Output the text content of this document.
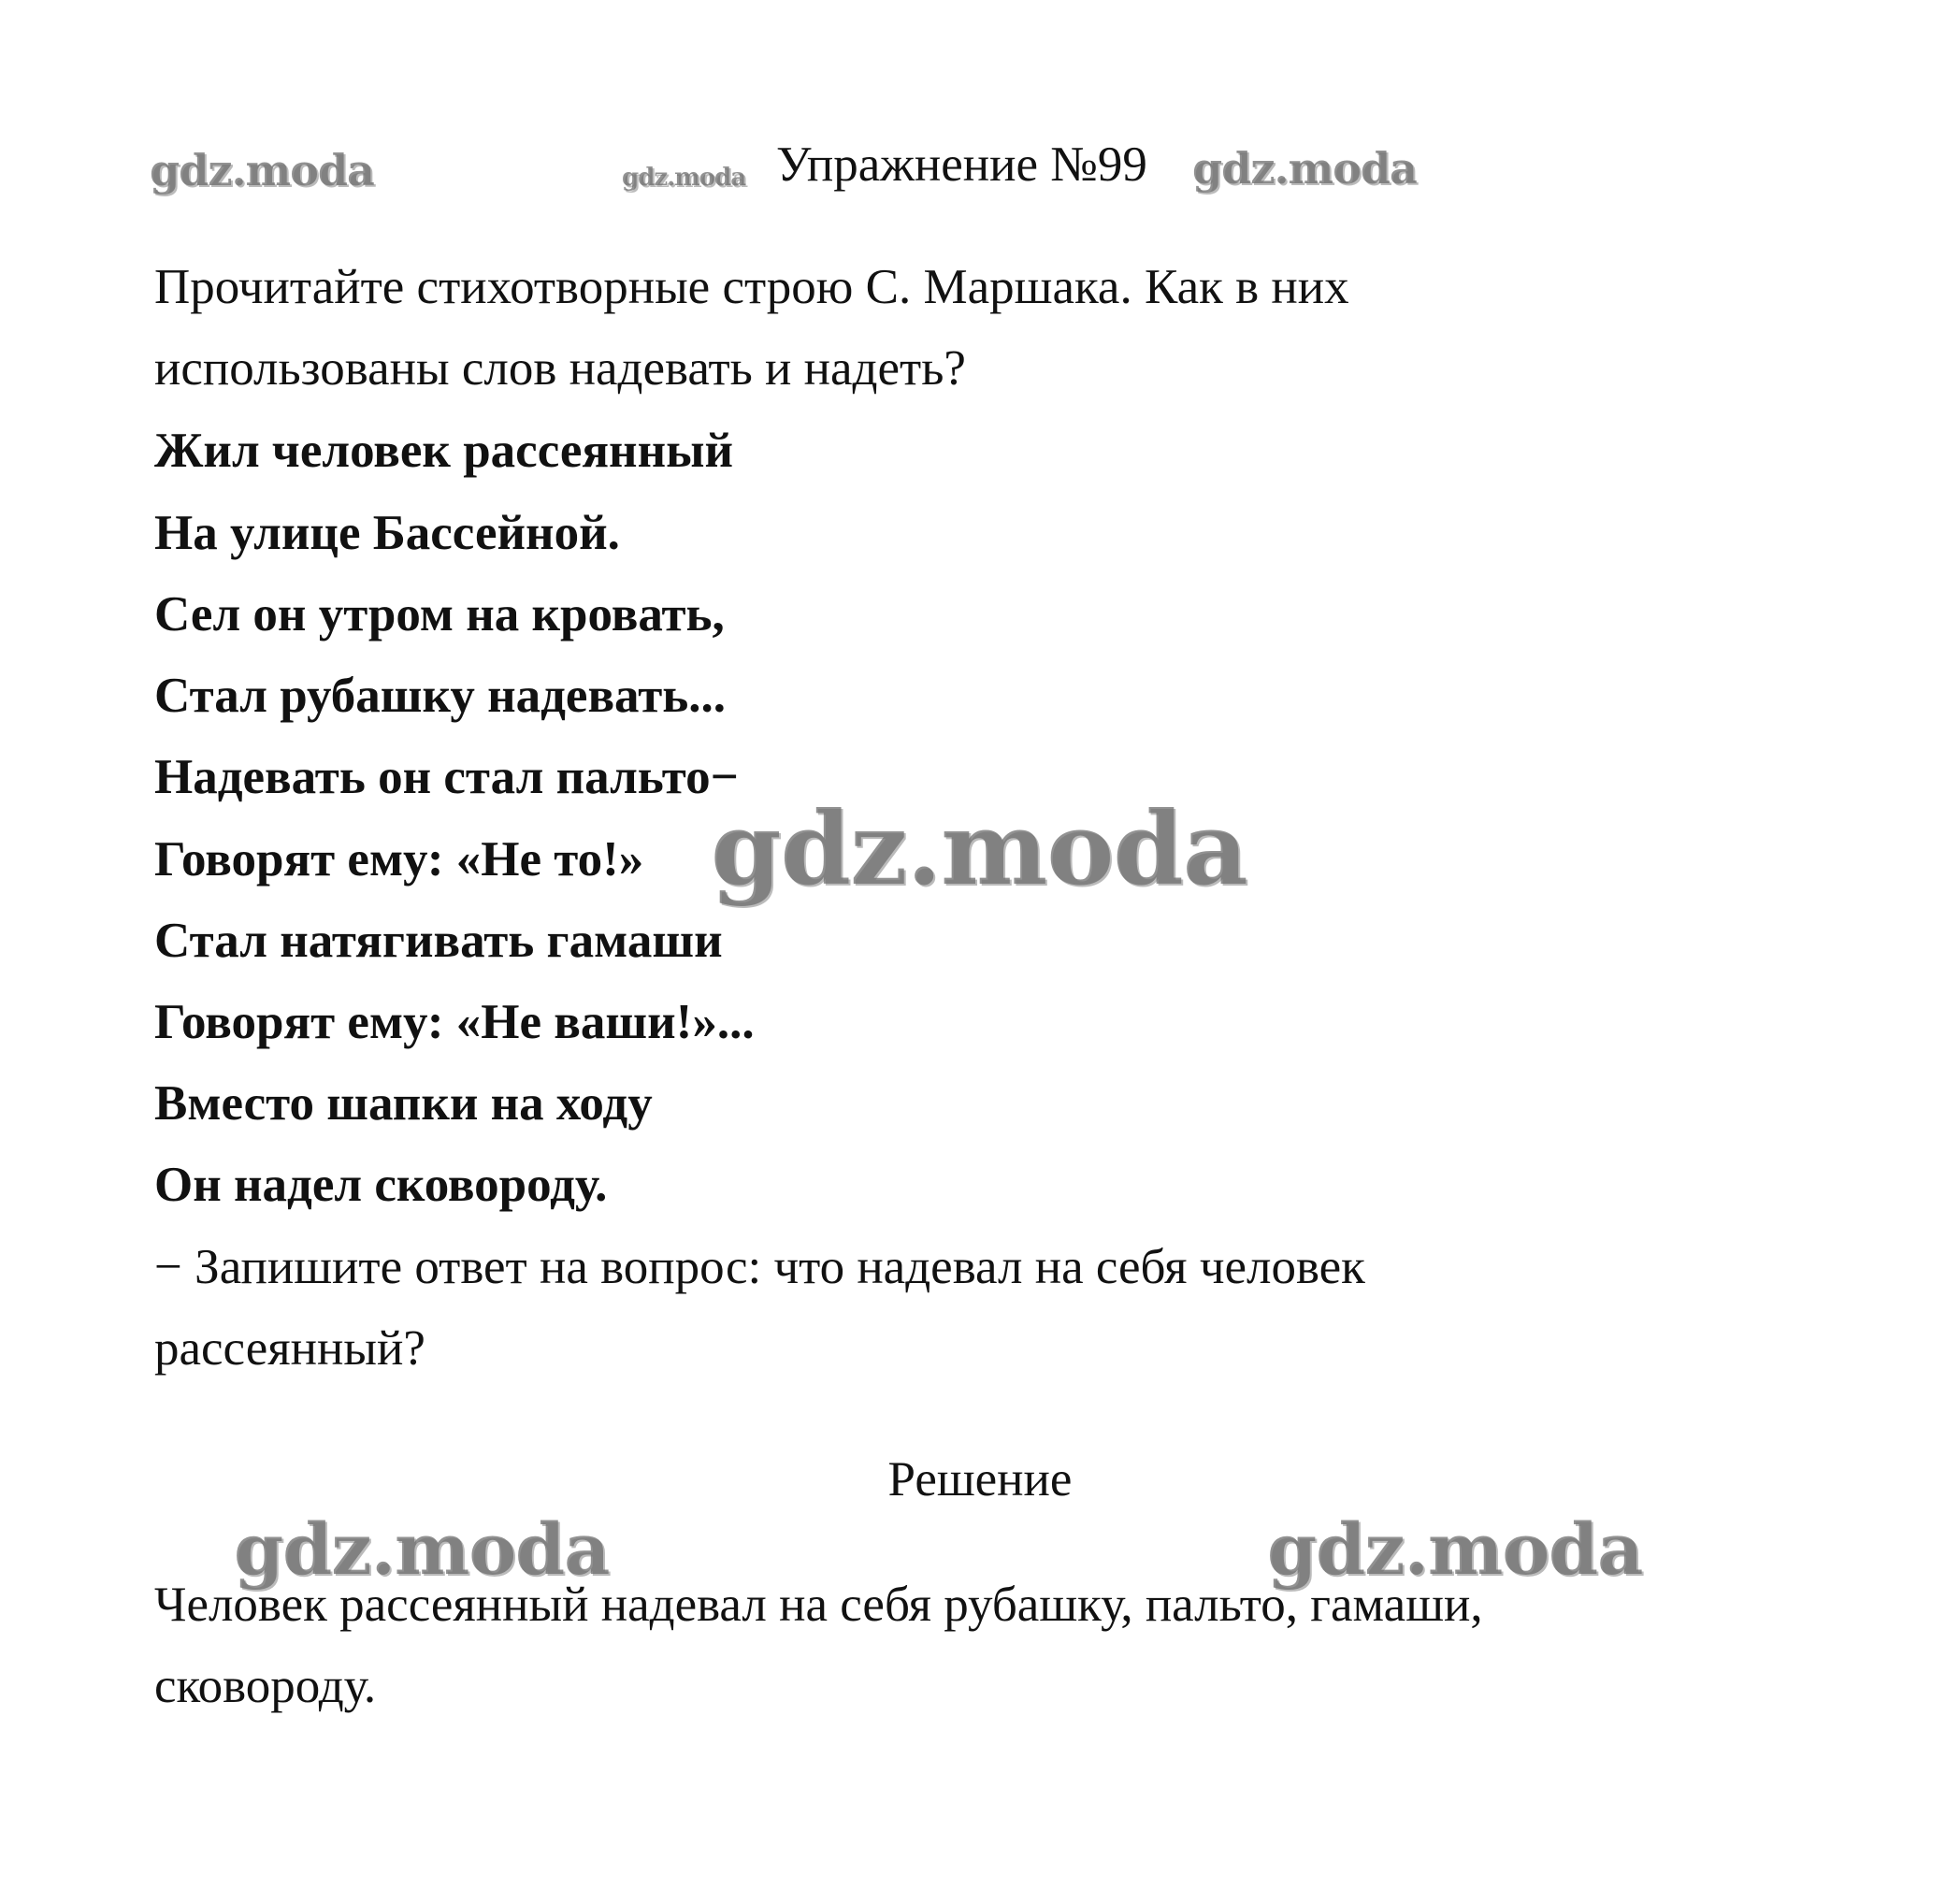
gdz.moda	gdz.moda Упражнение №99 gdz.moda
Прочитайте стихотворные строю С. Маршака. Как в них
использованы слов надевать и надеть?
Жил человек рассеянный
На улице Бассейной.
Сел он утром на кровать,
Стал рубашку надевать...
Надевать он стал пальто−
Говорят ему: «Не то!»
Стал натягивать гамаши
Говорят ему: «Не ваши!»...
Вместо шапки на ходу
Он надел сковороду.
gdz.moda
− Запишите ответ на вопрос: что надевал на себя человек
рассеянный?
Решение
gdz.moda	gdz.moda
Человек рассеянный надевал на себя рубашку, пальто, гамаши,
сковороду.
